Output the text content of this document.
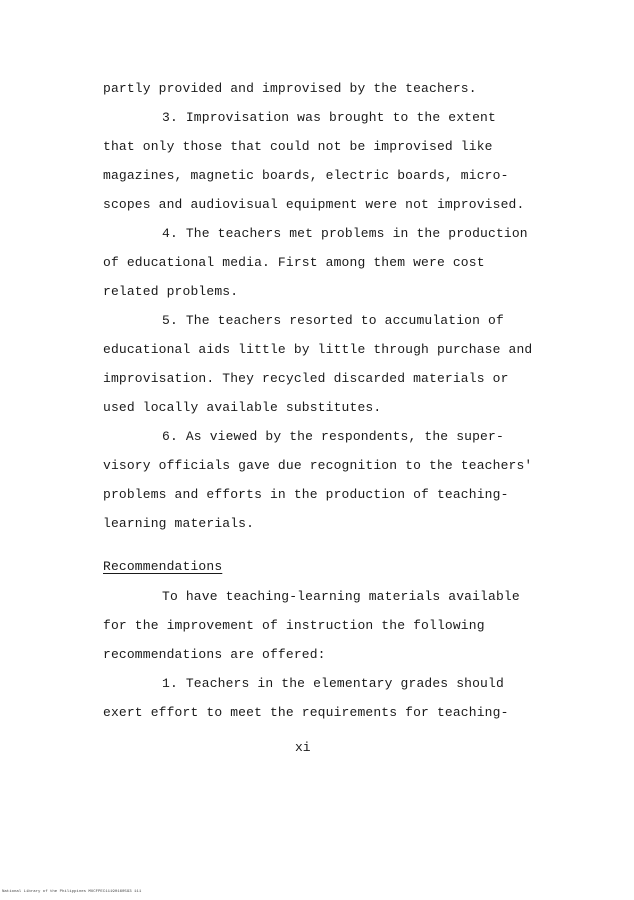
partly provided and improvised by the teachers.
3. Improvisation was brought to the extent
that only those that could not be improvised like
magazines, magnetic boards, electric boards, micro-
scopes and audiovisual equipment were not improvised.
4. The teachers met problems in the production
of educational media. First among them were cost
related problems.
5. The teachers resorted to accumulation of
educational aids little by little through purchase and
improvisation. They recycled discarded materials or
used locally available substitutes.
6. As viewed by the respondents, the super-
visory officials gave due recognition to the teachers'
problems and efforts in the production of teaching-
learning materials.
Recommendations
To have teaching-learning materials available
for the improvement of instruction the following
recommendations are offered:
1. Teachers in the elementary grades should
exert effort to meet the requirements for teaching-
xi
National Library of the Philippines MUCFPEC11190160593 111
